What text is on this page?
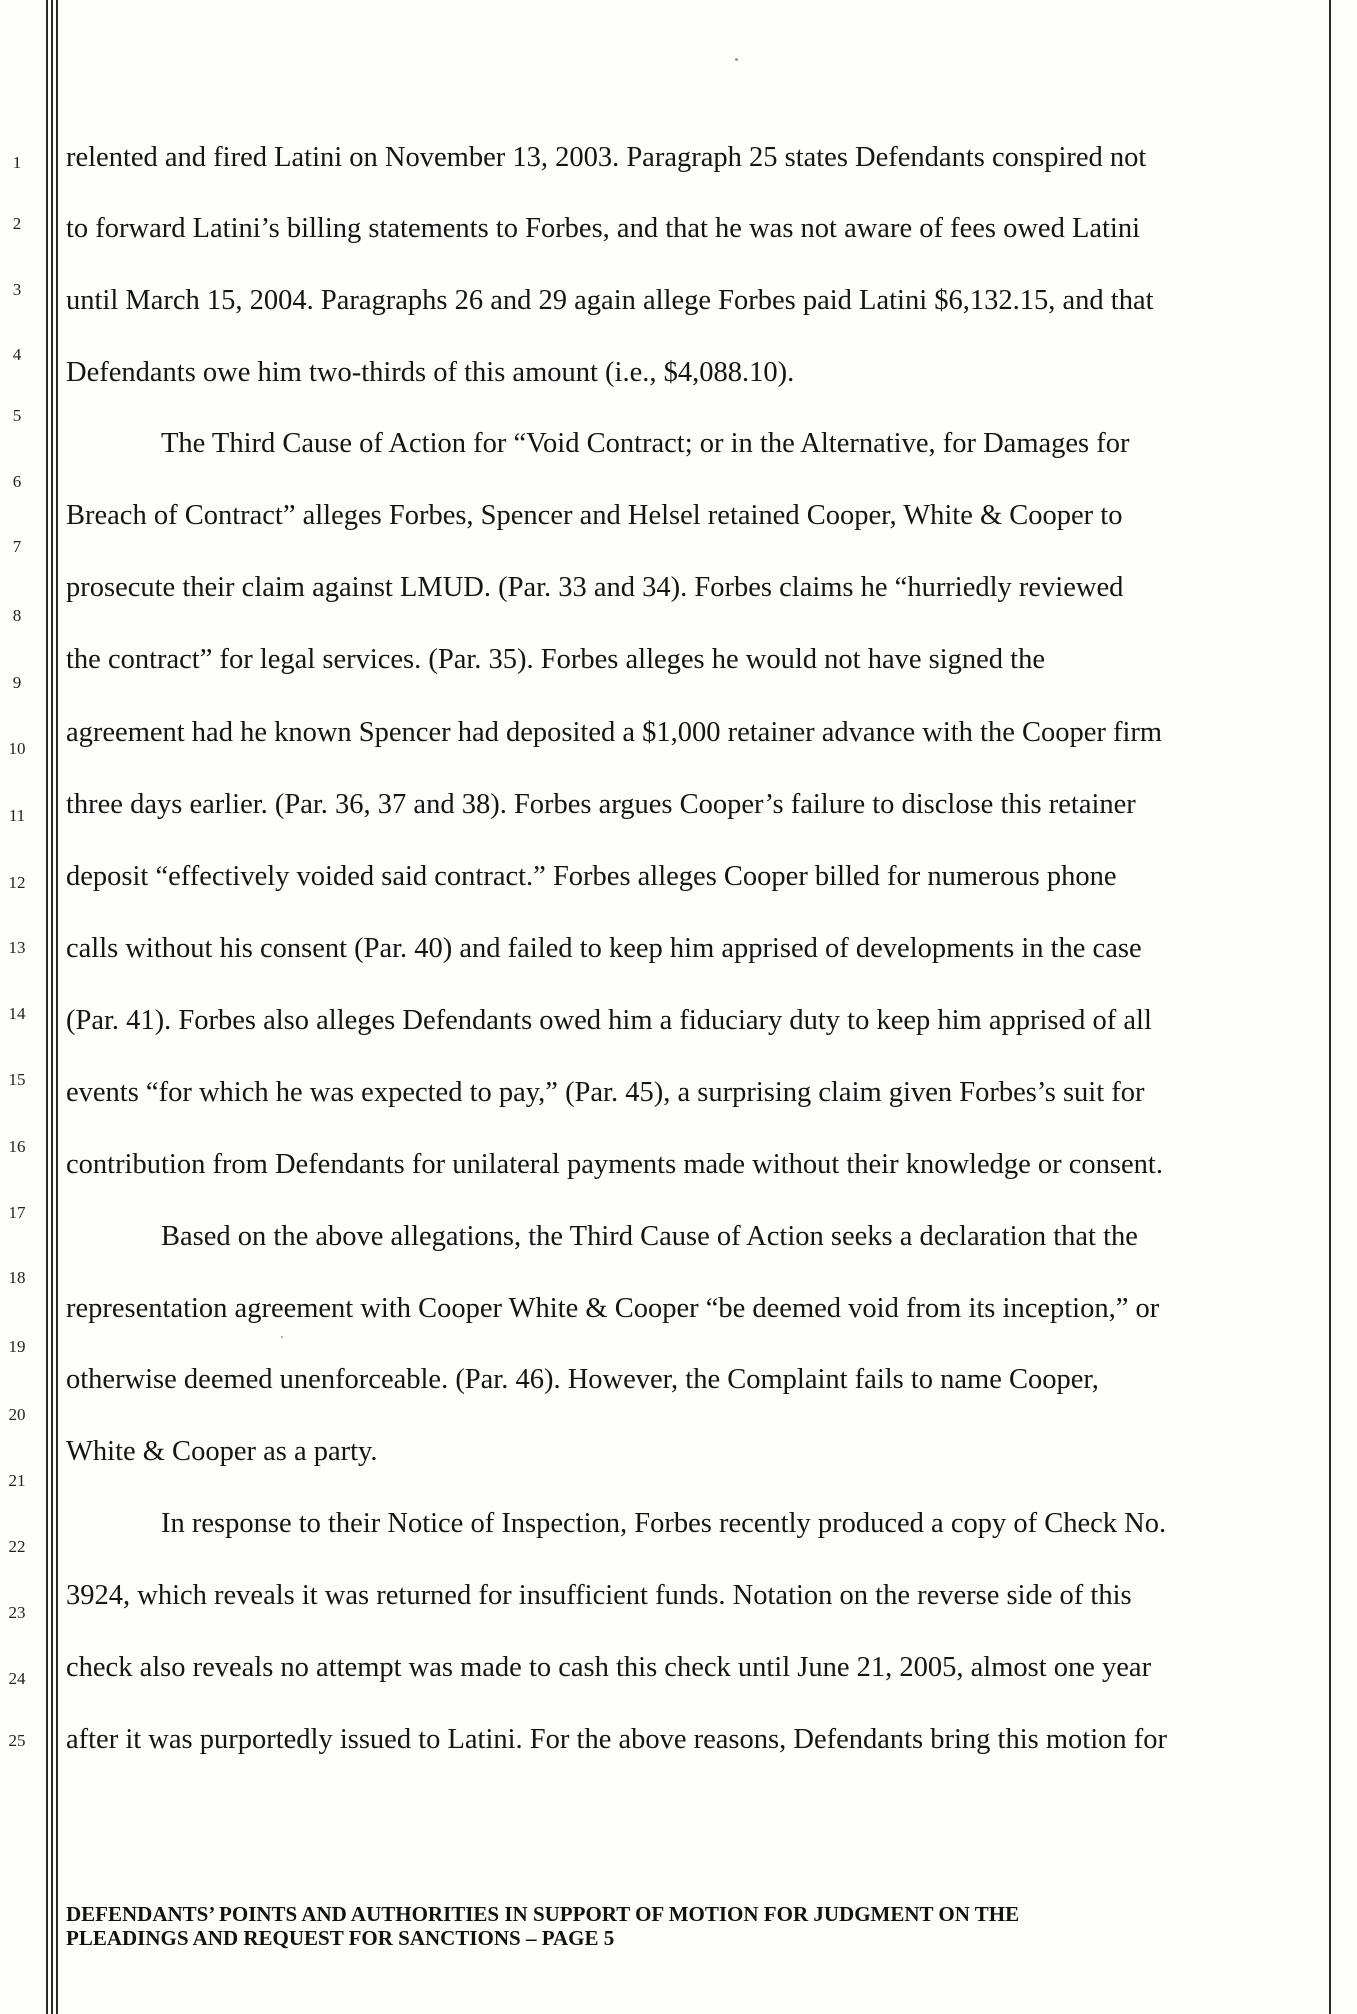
1
2
3
4
5
6
7
8
9
10
11
12
13
14
15
16
17
18
19
20
21
22
23
24
25
relented and fired Latini on November 13, 2003. Paragraph 25 states Defendants conspired not
to forward Latini’s billing statements to Forbes, and that he was not aware of fees owed Latini
until March 15, 2004. Paragraphs 26 and 29 again allege Forbes paid Latini $6,132.15, and that
Defendants owe him two-thirds of this amount (i.e., $4,088.10).
The Third Cause of Action for “Void Contract; or in the Alternative, for Damages for
Breach of Contract” alleges Forbes, Spencer and Helsel retained Cooper, White & Cooper to
prosecute their claim against LMUD. (Par. 33 and 34). Forbes claims he “hurriedly reviewed
the contract” for legal services. (Par. 35). Forbes alleges he would not have signed the
agreement had he known Spencer had deposited a $1,000 retainer advance with the Cooper firm
three days earlier. (Par. 36, 37 and 38). Forbes argues Cooper’s failure to disclose this retainer
deposit “effectively voided said contract.” Forbes alleges Cooper billed for numerous phone
calls without his consent (Par. 40) and failed to keep him apprised of developments in the case
(Par. 41). Forbes also alleges Defendants owed him a fiduciary duty to keep him apprised of all
events “for which he was expected to pay,” (Par. 45), a surprising claim given Forbes’s suit for
contribution from Defendants for unilateral payments made without their knowledge or consent.
Based on the above allegations, the Third Cause of Action seeks a declaration that the
representation agreement with Cooper White & Cooper “be deemed void from its inception,” or
otherwise deemed unenforceable. (Par. 46). However, the Complaint fails to name Cooper,
White & Cooper as a party.
In response to their Notice of Inspection, Forbes recently produced a copy of Check No.
3924, which reveals it was returned for insufficient funds. Notation on the reverse side of this
check also reveals no attempt was made to cash this check until June 21, 2005, almost one year
after it was purportedly issued to Latini. For the above reasons, Defendants bring this motion for
DEFENDANTS’ POINTS AND AUTHORITIES IN SUPPORT OF MOTION FOR JUDGMENT ON THE
PLEADINGS AND REQUEST FOR SANCTIONS – PAGE 5
